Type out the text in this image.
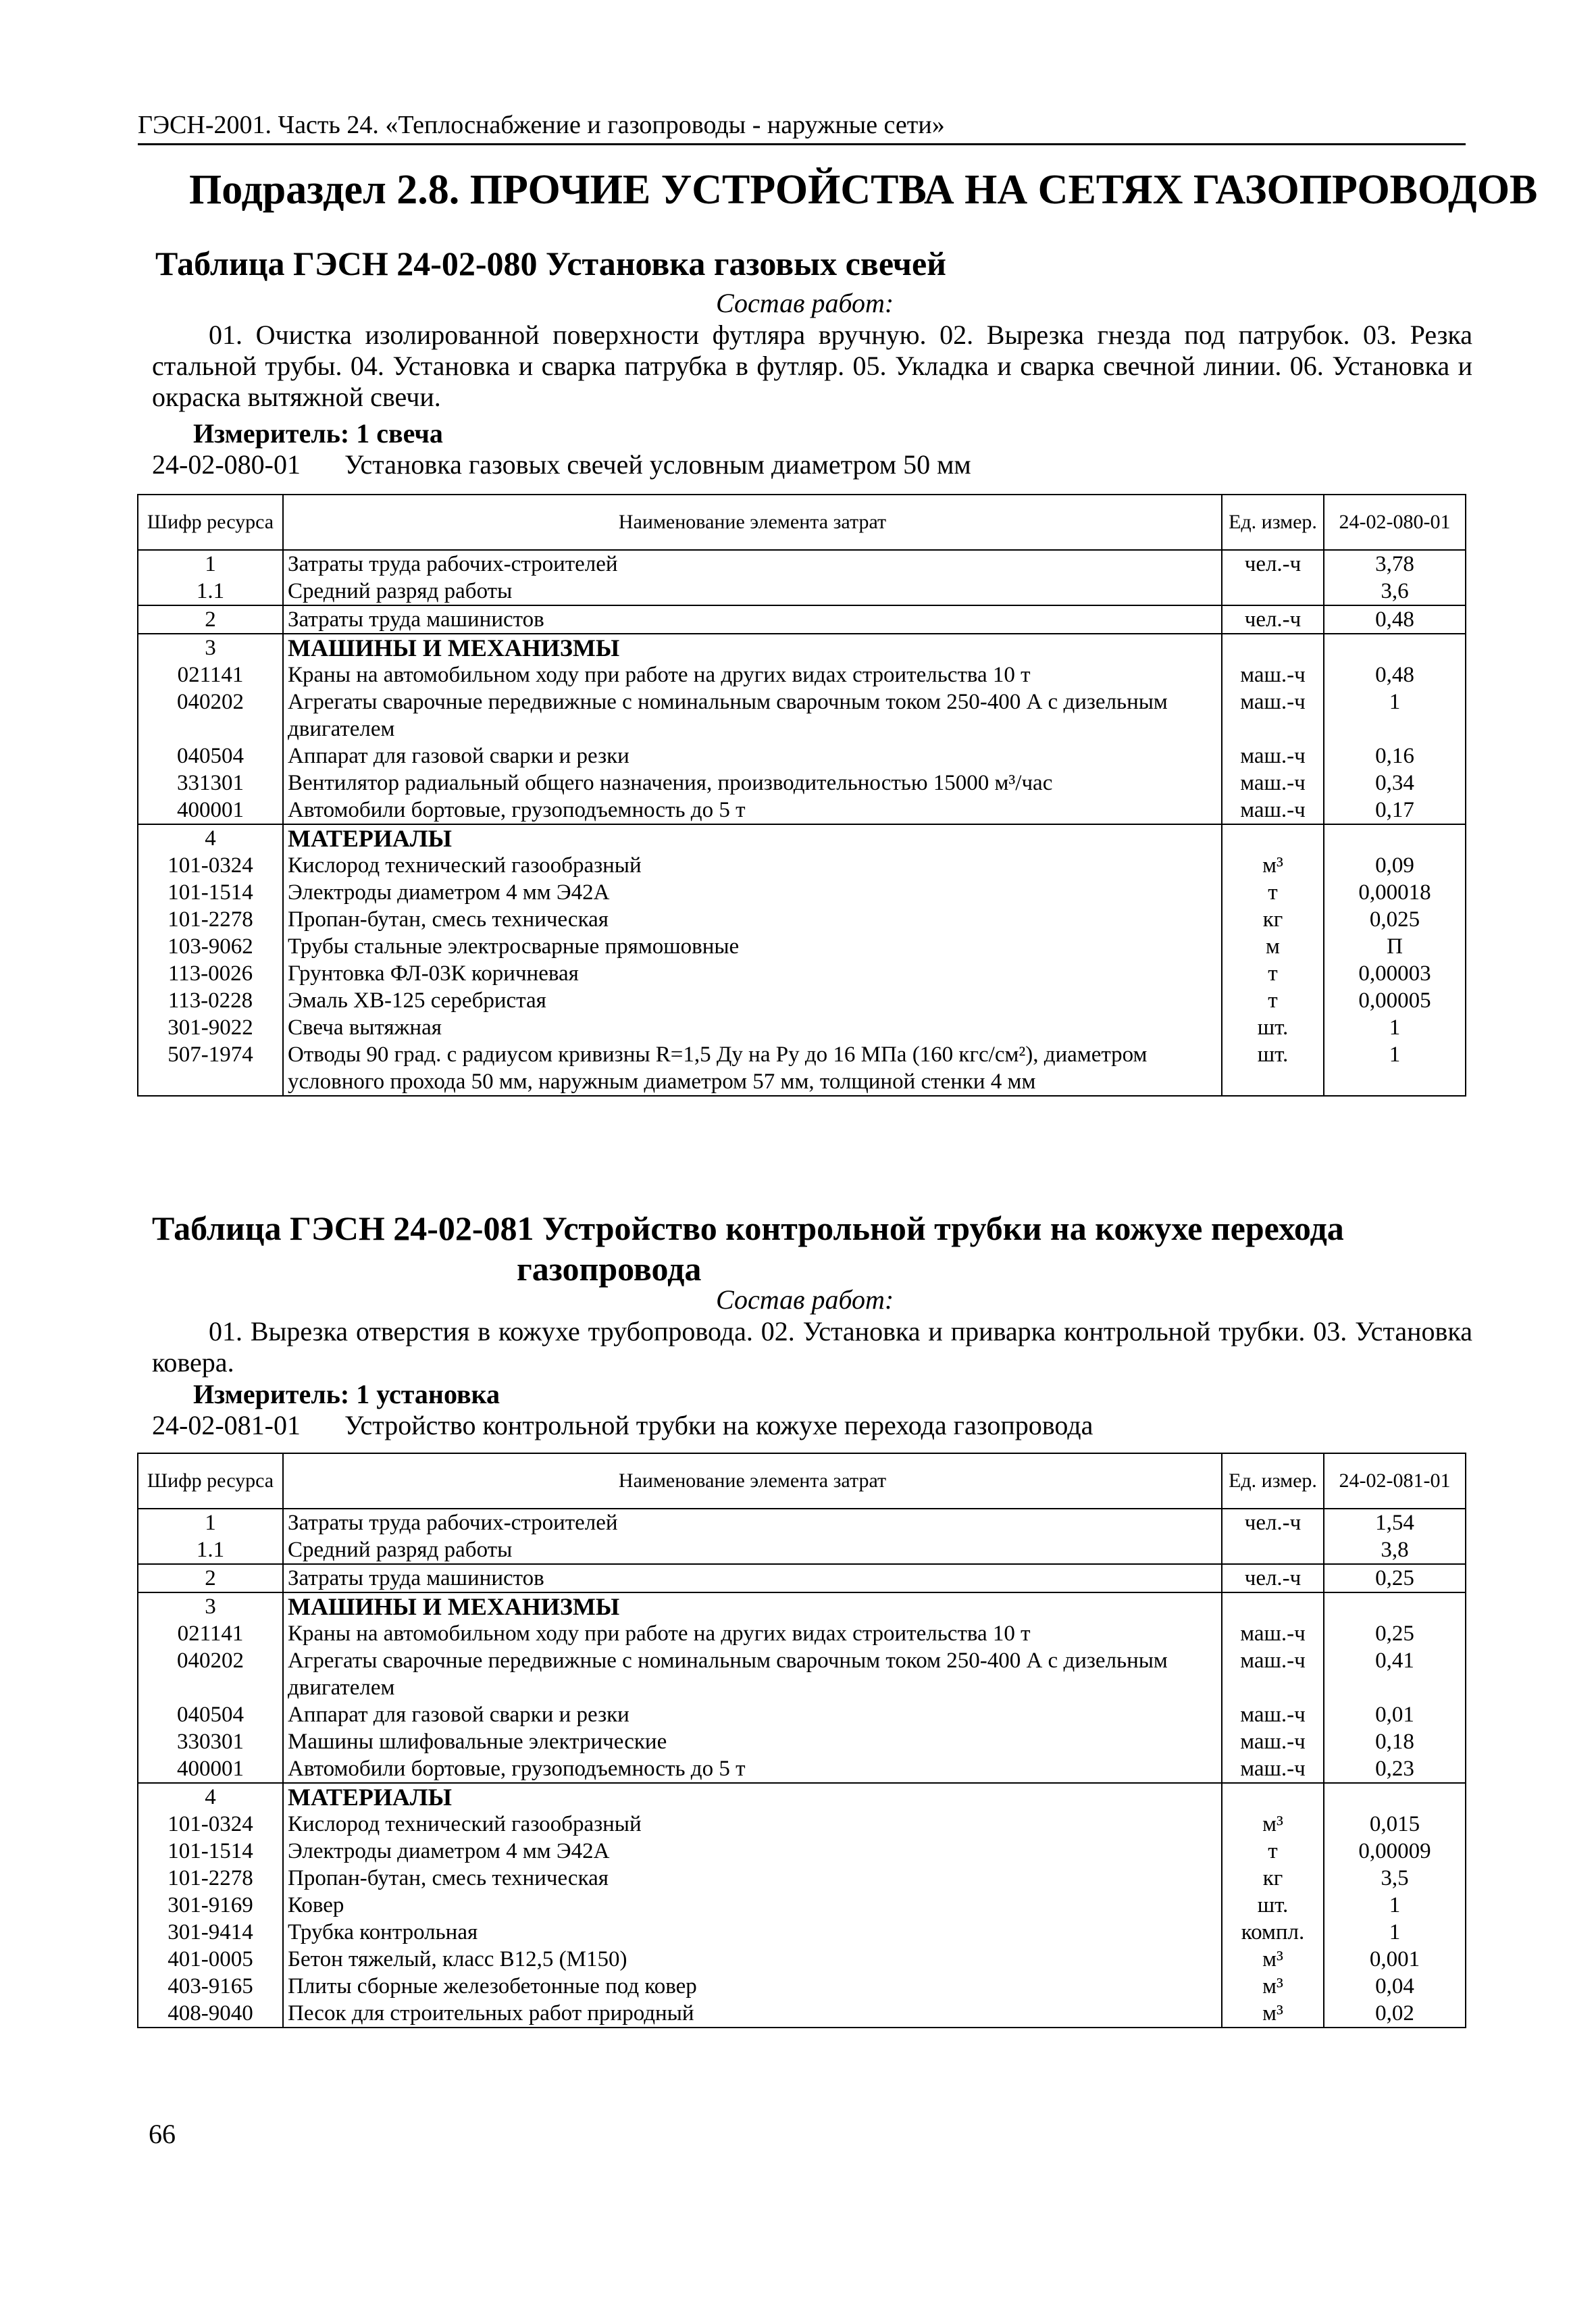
ГЭСН-2001. Часть 24. «Теплоснабжение и газопроводы - наружные сети»
Подраздел 2.8. ПРОЧИЕ УСТРОЙСТВА НА СЕТЯХ ГАЗОПРОВОДОВ
Таблица ГЭСН 24-02-080 Установка газовых свечей
Состав работ:
01. Очистка изолированной поверхности футляра вручную. 02. Вырезка гнезда под патрубок. 03. Резка стальной трубы. 04. Установка и сварка патрубка в футляр. 05. Укладка и сварка свечной линии. 06. Установка и окраска вытяжной свечи.
Измеритель: 1 свеча
24-02-080-01 Установка газовых свечей условным диаметром 50 мм
Шифр ресурса	Наименование элемента затрат	Ед. измер.	24-02-080-01
1	Затраты труда рабочих-строителей	чел.-ч	3,78
1.1	Средний разряд работы		3,6
2	Затраты труда машинистов	чел.-ч	0,48
3	МАШИНЫ И МЕХАНИЗМЫ		
021141	Краны на автомобильном ходу при работе на других видах строительства 10 т	маш.-ч	0,48
040202	Агрегаты сварочные передвижные с номинальным сварочным током 250-400 А с дизельным двигателем	маш.-ч	1
040504	Аппарат для газовой сварки и резки	маш.-ч	0,16
331301	Вентилятор радиальный общего назначения, производительностью 15000 м³/час	маш.-ч	0,34
400001	Автомобили бортовые, грузоподъемность до 5 т	маш.-ч	0,17
4	МАТЕРИАЛЫ		
101-0324	Кислород технический газообразный	м³	0,09
101-1514	Электроды диаметром 4 мм Э42А	т	0,00018
101-2278	Пропан-бутан, смесь техническая	кг	0,025
103-9062	Трубы стальные электросварные прямошовные	м	П
113-0026	Грунтовка ФЛ-03К коричневая	т	0,00003
113-0228	Эмаль ХВ-125 серебристая	т	0,00005
301-9022	Свеча вытяжная	шт.	1
507-1974	Отводы 90 град. с радиусом кривизны R=1,5 Ду на Ру до 16 МПа (160 кгс/см²), диаметром условного прохода 50 мм, наружным диаметром 57 мм, толщиной стенки 4 мм	шт.	1
Таблица ГЭСН 24-02-081 Устройство контрольной трубки на кожухе перехода
газопровода
Состав работ:
01. Вырезка отверстия в кожухе трубопровода. 02. Установка и приварка контрольной трубки. 03. Установка ковера.
Измеритель: 1 установка
24-02-081-01 Устройство контрольной трубки на кожухе перехода газопровода
Шифр ресурса	Наименование элемента затрат	Ед. измер.	24-02-081-01
1	Затраты труда рабочих-строителей	чел.-ч	1,54
1.1	Средний разряд работы		3,8
2	Затраты труда машинистов	чел.-ч	0,25
3	МАШИНЫ И МЕХАНИЗМЫ		
021141	Краны на автомобильном ходу при работе на других видах строительства 10 т	маш.-ч	0,25
040202	Агрегаты сварочные передвижные с номинальным сварочным током 250-400 А с дизельным двигателем	маш.-ч	0,41
040504	Аппарат для газовой сварки и резки	маш.-ч	0,01
330301	Машины шлифовальные электрические	маш.-ч	0,18
400001	Автомобили бортовые, грузоподъемность до 5 т	маш.-ч	0,23
4	МАТЕРИАЛЫ		
101-0324	Кислород технический газообразный	м³	0,015
101-1514	Электроды диаметром 4 мм Э42А	т	0,00009
101-2278	Пропан-бутан, смесь техническая	кг	3,5
301-9169	Ковер	шт.	1
301-9414	Трубка контрольная	компл.	1
401-0005	Бетон тяжелый, класс В12,5 (М150)	м³	0,001
403-9165	Плиты сборные железобетонные под ковер	м³	0,04
408-9040	Песок для строительных работ природный	м³	0,02
66
